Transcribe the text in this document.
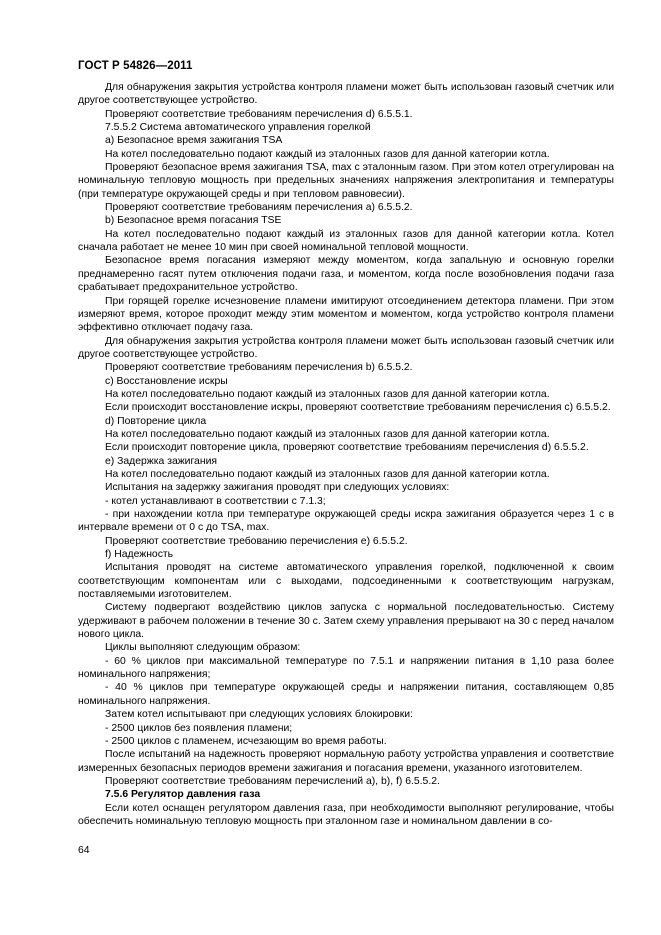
ГОСТ Р 54826—2011

Для обнаружения закрытия устройства контроля пламени может быть использован газовый счетчик или другое соответствующее устройство.

Проверяют соответствие требованиям перечисления d) 6.5.5.1.

7.5.5.2 Система автоматического управления горелкой

a) Безопасное время зажигания TSA

На котел последовательно подают каждый из эталонных газов для данной категории котла.

Проверяют безопасное время зажигания TSA, max с эталонным газом. При этом котел отрегулирован на номинальную тепловую мощность при предельных значениях напряжения электропитания и температуры (при температуре окружающей среды и при тепловом равновесии).

Проверяют соответствие требованиям перечисления а) 6.5.5.2.

b) Безопасное время погасания TSE

На котел последовательно подают каждый из эталонных газов для данной категории котла. Котел сначала работает не менее 10 мин при своей номинальной тепловой мощности.

Безопасное время погасания измеряют между моментом, когда запальную и основную горелки преднамеренно гасят путем отключения подачи газа, и моментом, когда после возобновления подачи газа срабатывает предохранительное устройство.

При горящей горелке исчезновение пламени имитируют отсоединением детектора пламени. При этом измеряют время, которое проходит между этим моментом и моментом, когда устройство контроля пламени эффективно отключает подачу газа.

Для обнаружения закрытия устройства контроля пламени может быть использован газовый счетчик или другое соответствующее устройство.

Проверяют соответствие требованиям перечисления b) 6.5.5.2.

c) Восстановление искры

На котел последовательно подают каждый из эталонных газов для данной категории котла.

Если происходит восстановление искры, проверяют соответствие требованиям перечисления c) 6.5.5.2.

d) Повторение цикла

На котел последовательно подают каждый из эталонных газов для данной категории котла.

Если происходит повторение цикла, проверяют соответствие требованиям перечисления d) 6.5.5.2.

e) Задержка зажигания

На котел последовательно подают каждый из эталонных газов для данной категории котла.

Испытания на задержку зажигания проводят при следующих условиях:

- котел устанавливают в соответствии с 7.1.3;

- при нахождении котла при температуре окружающей среды искра зажигания образуется через 1 с в интервале времени от 0 с до TSA, max.

Проверяют соответствие требованию перечисления e) 6.5.5.2.

f) Надежность

Испытания проводят на системе автоматического управления горелкой, подключенной к своим соответствующим компонентам или с выходами, подсоединенными к соответствующим нагрузкам, поставляемыми изготовителем.

Систему подвергают воздействию циклов запуска с нормальной последовательностью. Систему удерживают в рабочем положении в течение 30 с. Затем схему управления прерывают на 30 с перед началом нового цикла.

Циклы выполняют следующим образом:

- 60 % циклов при максимальной температуре по 7.5.1 и напряжении питания в 1,10 раза более номинального напряжения;

- 40 % циклов при температуре окружающей среды и напряжении питания, составляющем 0,85 номинального напряжения.

Затем котел испытывают при следующих условиях блокировки:

- 2500 циклов без появления пламени;

- 2500 циклов с пламенем, исчезающим во время работы.

После испытаний на надежность проверяют нормальную работу устройства управления и соответствие измеренных безопасных периодов времени зажигания и погасания времени, указанного изготовителем.

Проверяют соответствие требованиям перечислений а), b), f) 6.5.5.2.

7.5.6 Регулятор давления газа

Если котел оснащен регулятором давления газа, при необходимости выполняют регулирование, чтобы обеспечить номинальную тепловую мощность при эталонном газе и номинальном давлении в со-

64
